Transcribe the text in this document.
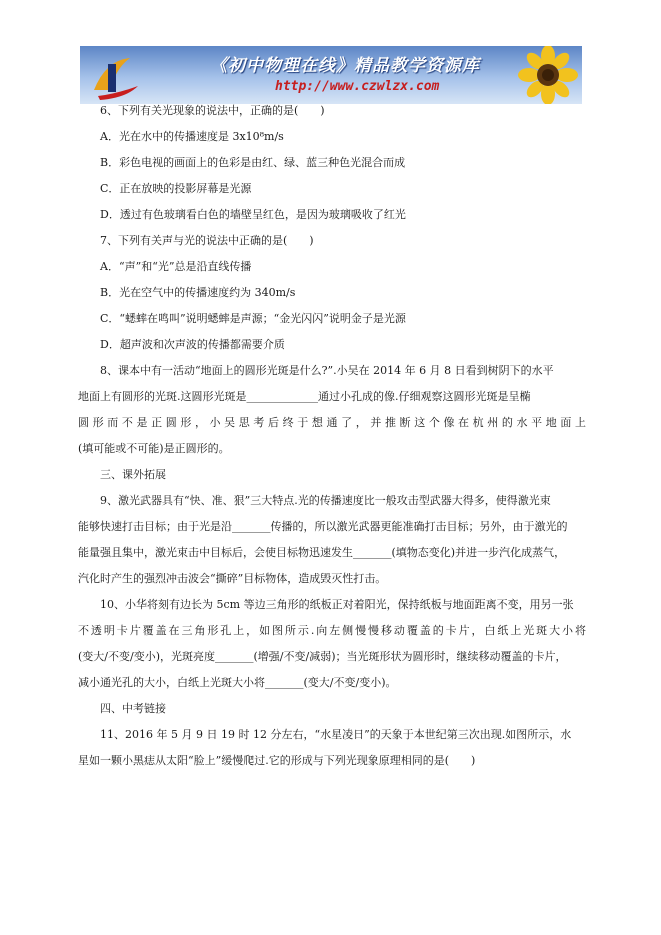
《初中物理在线》精品教学资源库
http://www.czwlzx.com
6、下列有关光现象的说法中，正确的是(　　)
A．光在水中的传播速度是 3x10⁸m/s
B．彩色电视的画面上的色彩是由红、绿、蓝三种色光混合而成
C．正在放映的投影屏幕是光源
D．透过有色玻璃看白色的墙壁呈红色，是因为玻璃吸收了红光
7、下列有关声与光的说法中正确的是(　　)
A．“声”和“光”总是沿直线传播
B．光在空气中的传播速度约为 340m/s
C．“蟋蟀在鸣叫”说明蟋蟀是声源；“金光闪闪”说明金子是光源
D．超声波和次声波的传播都需要介质
8、课本中有一活动“地面上的圆形光斑是什么?”.小吴在 2014 年 6 月 8 日看到树阴下的水平
地面上有圆形的光斑.这圆形光斑是_____________通过小孔成的像.仔细观察这圆形光斑是呈椭
圆形而不是正圆形，小吴思考后终于想通了，并推断这个像在杭州的水平地面上
(填可能或不可能)是正圆形的。
三、课外拓展
9、激光武器具有“快、准、狠”三大特点.光的传播速度比一般攻击型武器大得多，使得激光束
能够快速打击目标；由于光是沿_______传播的，所以激光武器更能准确打击目标；另外，由于激光的
能量强且集中，激光束击中目标后，会使目标物迅速发生_______(填物态变化)并进一步汽化成蒸气，
汽化时产生的强烈冲击波会“撕碎”目标物体，造成毁灭性打击。
10、小华将刻有边长为 5cm 等边三角形的纸板正对着阳光，保持纸板与地面距离不变，用另一张
不透明卡片覆盖在三角形孔上，如图所示.向左侧慢慢移动覆盖的卡片，白纸上光斑大小将
(变大/不变/变小)，光斑亮度_______(增强/不变/减弱)；当光斑形状为圆形时，继续移动覆盖的卡片，
减小通光孔的大小，白纸上光斑大小将_______(变大/不变/变小)。
四、中考链接
11、2016 年 5 月 9 日 19 时 12 分左右，“水星凌日”的天象于本世纪第三次出现.如图所示，水
星如一颗小黑痣从太阳“脸上”缓慢爬过.它的形成与下列光现象原理相同的是(　　)
